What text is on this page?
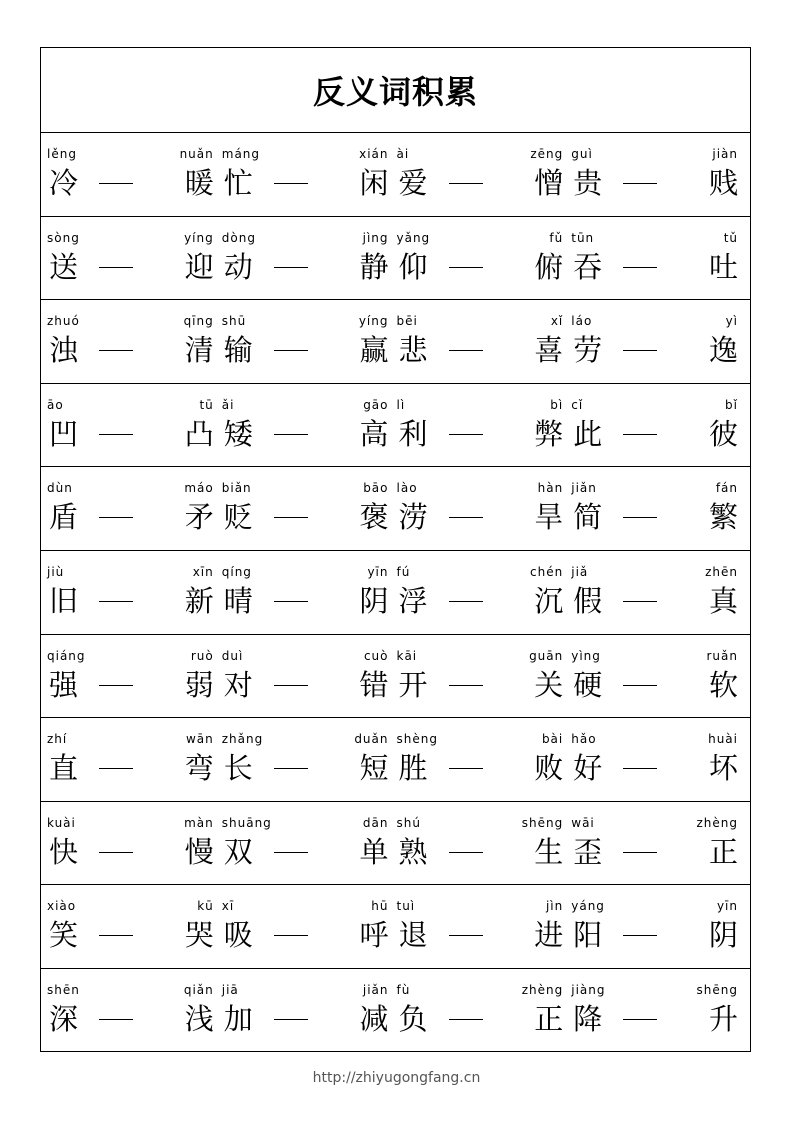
反义词积累
lěng
冷
nuǎn
暖
máng
忙
xián
闲
ài
爱
zēng
憎
guì
贵
jiàn
贱
sòng
送
yíng
迎
dòng
动
jìng
静
yǎng
仰
fǔ
俯
tūn
吞
tǔ
吐
zhuó
浊
qīng
清
shū
输
yíng
赢
bēi
悲
xǐ
喜
láo
劳
yì
逸
āo
凹
tū
凸
ǎi
矮
gāo
高
lì
利
bì
弊
cǐ
此
bǐ
彼
dùn
盾
máo
矛
biǎn
贬
bāo
褒
lào
涝
hàn
旱
jiǎn
简
fán
繁
jiù
旧
xīn
新
qíng
晴
yīn
阴
fú
浮
chén
沉
jiǎ
假
zhēn
真
qiáng
强
ruò
弱
duì
对
cuò
错
kāi
开
guān
关
yìng
硬
ruǎn
软
zhí
直
wān
弯
zhǎng
长
duǎn
短
shèng
胜
bài
败
hǎo
好
huài
坏
kuài
快
màn
慢
shuāng
双
dān
单
shú
熟
shēng
生
wāi
歪
zhèng
正
xiào
笑
kū
哭
xī
吸
hū
呼
tuì
退
jìn
进
yáng
阳
yīn
阴
shēn
深
qiǎn
浅
jiā
加
jiǎn
减
fù
负
zhèng
正
jiàng
降
shēng
升
http://zhiyugongfang.cn
